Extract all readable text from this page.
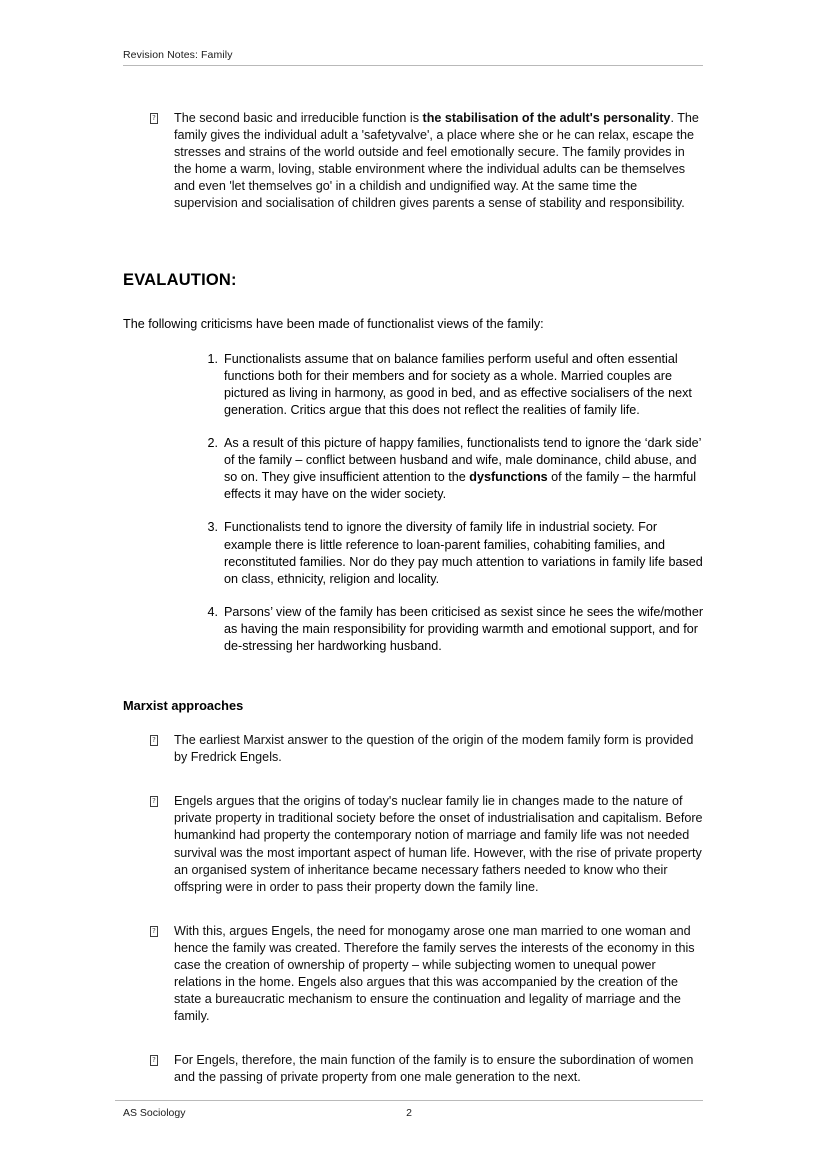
Revision Notes: Family
? The second basic and irreducible function is the stabilisation of the adult's personality. The family gives the individual adult a 'safetyvalve', a place where she or he can relax, escape the stresses and strains of the world outside and feel emotionally secure. The family provides in the home a warm, loving, stable environment where the individual adults can be themselves and even 'let themselves go' in a childish and undignified way. At the same time the supervision and socialisation of children gives parents a sense of stability and responsibility.
EVALAUTION:
The following criticisms have been made of functionalist views of the family:
1. Functionalists assume that on balance families perform useful and often essential functions both for their members and for society as a whole. Married couples are pictured as living in harmony, as good in bed, and as effective socialisers of the next generation. Critics argue that this does not reflect the realities of family life.
2. As a result of this picture of happy families, functionalists tend to ignore the ‘dark side’ of the family – conflict between husband and wife, male dominance, child abuse, and so on. They give insufficient attention to the dysfunctions of the family – the harmful effects it may have on the wider society.
3. Functionalists tend to ignore the diversity of family life in industrial society. For example there is little reference to loan-parent families, cohabiting families, and reconstituted families. Nor do they pay much attention to variations in family life based on class, ethnicity, religion and locality.
4. Parsons’ view of the family has been criticised as sexist since he sees the wife/mother as having the main responsibility for providing warmth and emotional support, and for de-stressing her hardworking husband.
Marxist approaches
? The earliest Marxist answer to the question of the origin of the modem family form is provided by Fredrick Engels.
? Engels argues that the origins of today's nuclear family lie in changes made to the nature of private property in traditional society before the onset of industrialisation and capitalism. Before humankind had property the contemporary notion of marriage and family life was not needed survival was the most important aspect of human life. However, with the rise of private property an organised system of inheritance became necessary fathers needed to know who their offspring were in order to pass their property down the family line.
? With this, argues Engels, the need for monogamy arose one man married to one woman and hence the family was created. Therefore the family serves the interests of the economy in this case the creation of ownership of property – while subjecting women to unequal power relations in the home. Engels also argues that this was accompanied by the creation of the state a bureaucratic mechanism to ensure the continuation and legality of marriage and the family.
? For Engels, therefore, the main function of the family is to ensure the subordination of women and the passing of private property from one male generation to the next.
AS Sociology	2
